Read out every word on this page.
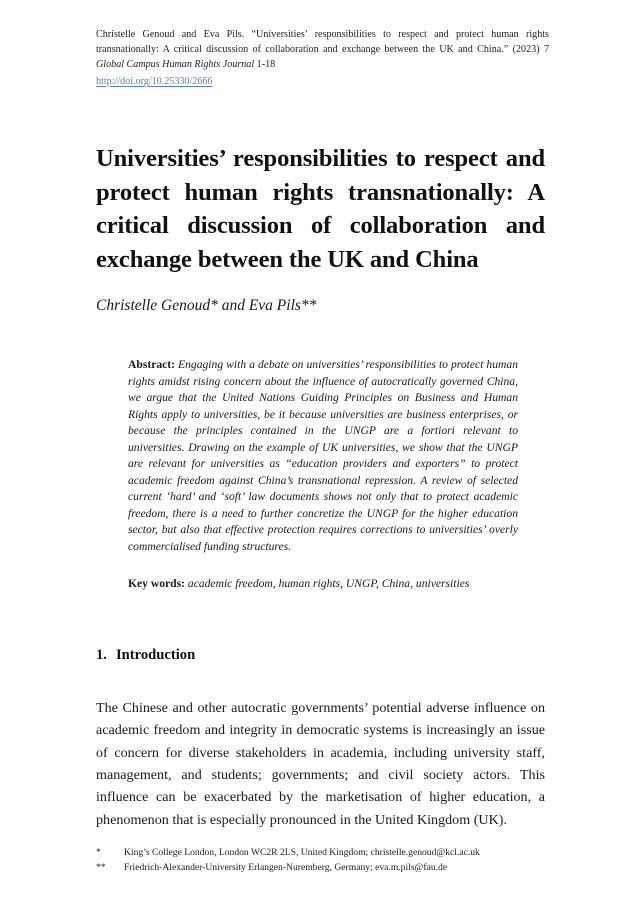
Christelle Genoud and Eva Pils. “Universities’ responsibilities to respect and protect human rights transnationally: A critical discussion of collaboration and exchange between the UK and China.” (2023) 7 Global Campus Human Rights Journal 1-18
http://doi.org/10.25330/2666
Universities’ responsibilities to respect and protect human rights transnationally: A critical discussion of collaboration and exchange between the UK and China
Christelle Genoud* and Eva Pils**
Abstract: Engaging with a debate on universities’ responsibilities to protect human rights amidst rising concern about the influence of autocratically governed China, we argue that the United Nations Guiding Principles on Business and Human Rights apply to universities, be it because universities are business enterprises, or because the principles contained in the UNGP are a fortiori relevant to universities. Drawing on the example of UK universities, we show that the UNGP are relevant for universities as “education providers and exporters” to protect academic freedom against China’s transnational repression. A review of selected current ‘hard’ and ‘soft’ law documents shows not only that to protect academic freedom, there is a need to further concretize the UNGP for the higher education sector, but also that effective protection requires corrections to universities’ overly commercialised funding structures.
Key words: academic freedom, human rights, UNGP, China, universities
1. Introduction

The Chinese and other autocratic governments’ potential adverse influence on academic freedom and integrity in democratic systems is increasingly an issue of concern for diverse stakeholders in academia, including university staff, management, and students; governments; and civil society actors. This influence can be exacerbated by the marketisation of higher education, a phenomenon that is especially pronounced in the United Kingdom (UK).

*	King’s College London, London WC2R 2LS, United Kingdom; christelle.genoud@kcl.ac.uk
**	Friedrich-Alexander-University Erlangen-Nuremberg, Germany; eva.m.pils@fau.de
